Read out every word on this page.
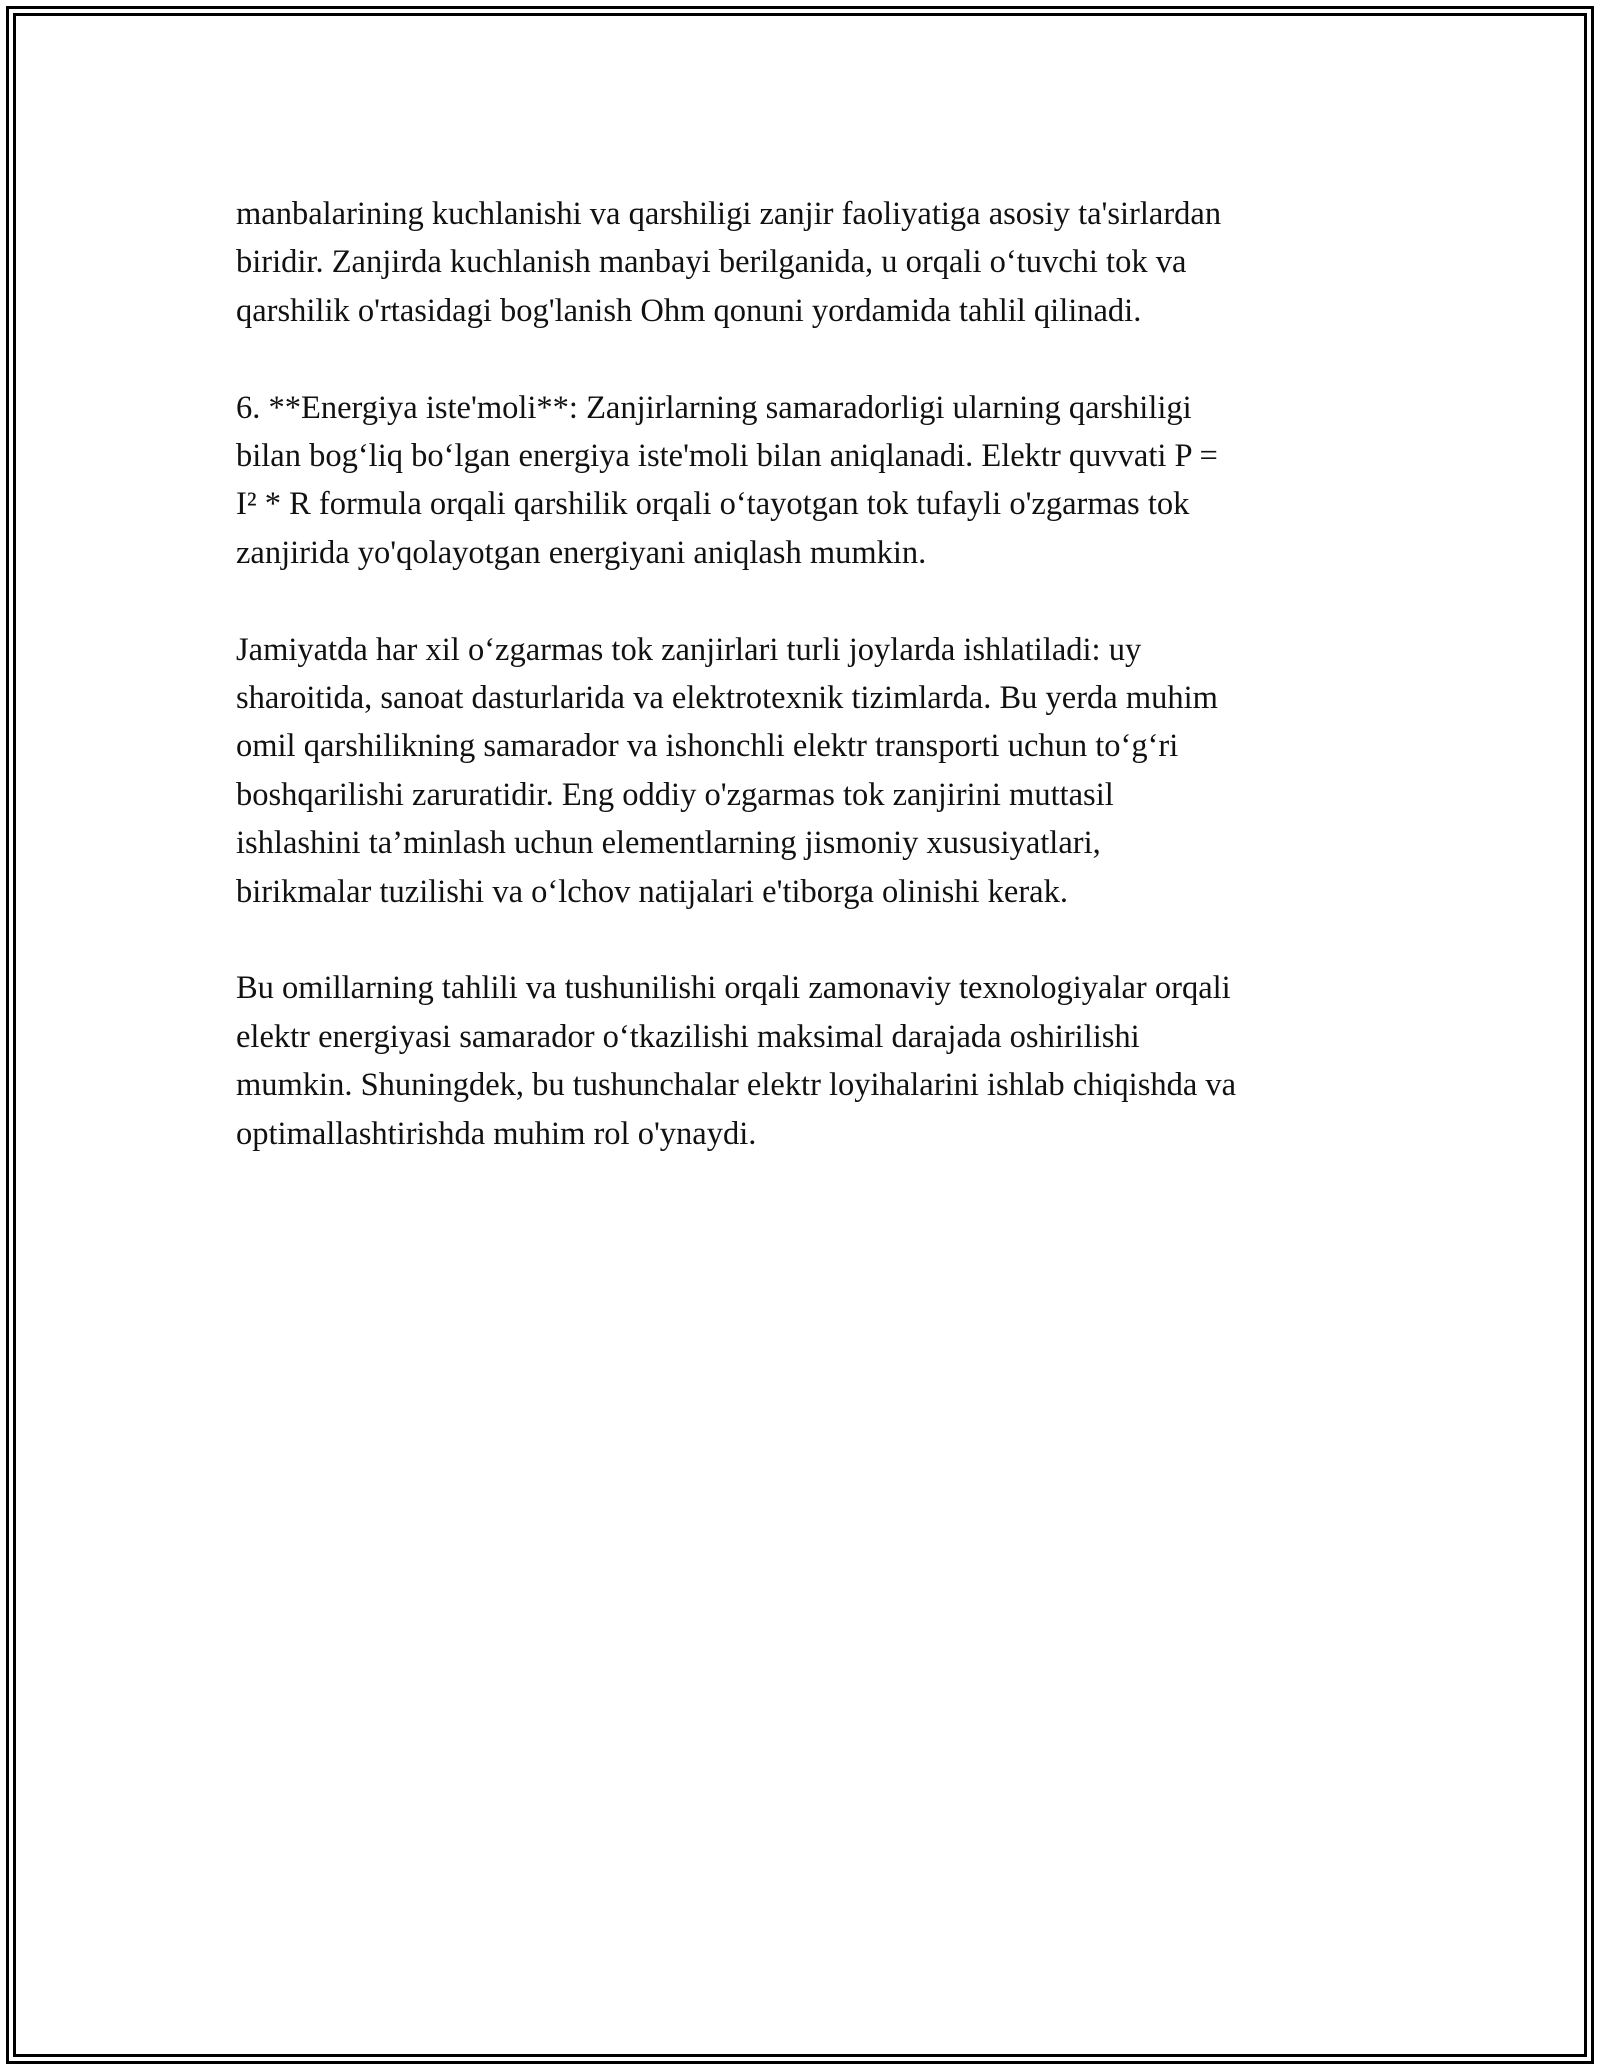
manbalarining kuchlanishi va qarshiligi zanjir faoliyatiga asosiy ta'sirlardan
biridir. Zanjirda kuchlanish manbayi berilganida, u orqali o‘tuvchi tok va
qarshilik o'rtasidagi bog'lanish Ohm qonuni yordamida tahlil qilinadi.

6. **Energiya iste'moli**: Zanjirlarning samaradorligi ularning qarshiligi
bilan bog‘liq bo‘lgan energiya iste'moli bilan aniqlanadi. Elektr quvvati P =
I² * R formula orqali qarshilik orqali o‘tayotgan tok tufayli o'zgarmas tok
zanjirida yo'qolayotgan energiyani aniqlash mumkin.

Jamiyatda har xil o‘zgarmas tok zanjirlari turli joylarda ishlatiladi: uy
sharoitida, sanoat dasturlarida va elektrotexnik tizimlarda. Bu yerda muhim
omil qarshilikning samarador va ishonchli elektr transporti uchun to‘g‘ri
boshqarilishi zaruratidir. Eng oddiy o'zgarmas tok zanjirini muttasil
ishlashini ta’minlash uchun elementlarning jismoniy xususiyatlari,
birikmalar tuzilishi va o‘lchov natijalari e'tiborga olinishi kerak.

Bu omillarning tahlili va tushunilishi orqali zamonaviy texnologiyalar orqali
elektr energiyasi samarador o‘tkazilishi maksimal darajada oshirilishi
mumkin. Shuningdek, bu tushunchalar elektr loyihalarini ishlab chiqishda va
optimallashtirishda muhim rol o'ynaydi.
